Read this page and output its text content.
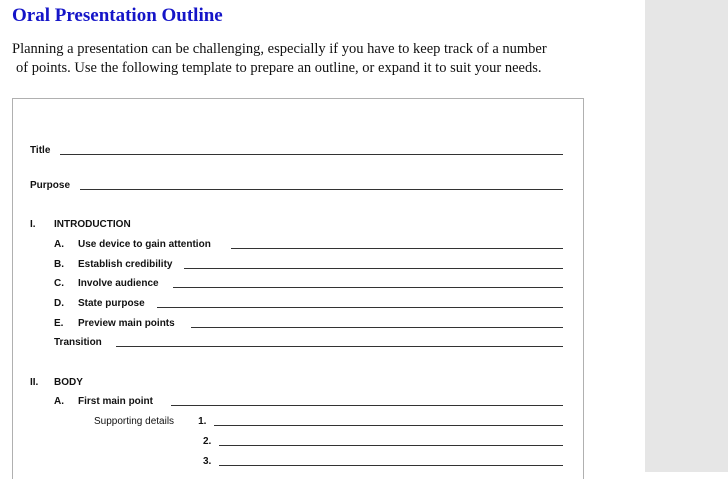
Oral Presentation Outline

Planning a presentation can be challenging, especially if you have to keep track of a number
of points. Use the following template to prepare an outline, or expand it to suit your needs.

Title
Purpose
I.	INTRODUCTION
A. Use device to gain attention
B. Establish credibility
C. Involve audience
D. State purpose
E. Preview main points
Transition
II.	BODY
A. First main point
Supporting details 1.
2.
3.
